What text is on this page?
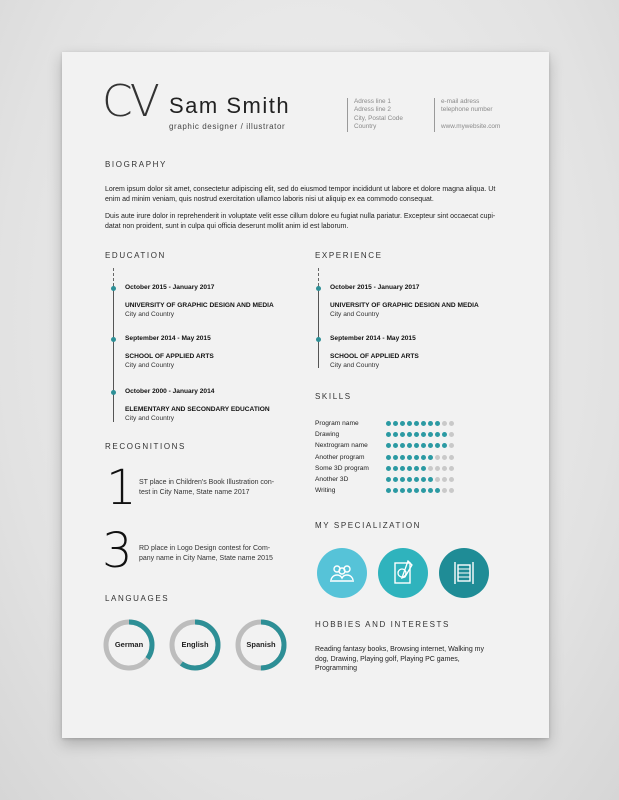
CV Sam Smith
graphic designer / illustrator
Adress line 1
Adress line 2
City, Postal Code
Country
e-mail adress
telephone number
www.mywebsite.com
BIOGRAPHY
Lorem ipsum dolor sit amet, consectetur adipiscing elit, sed do eiusmod tempor incididunt ut labore et dolore magna aliqua. Ut enim ad minim veniam, quis nostrud exercitation ullamco laboris nisi ut aliquip ex ea commodo consequat.
Duis aute irure dolor in reprehenderit in voluptate velit esse cillum dolore eu fugiat nulla pariatur. Excepteur sint occaecat cupi-datat non proident, sunt in culpa qui officia deserunt mollit anim id est laborum.
EDUCATION
October 2015 - January 2017
UNIVERSITY OF GRAPHIC DESIGN AND MEDIA
City and Country
September 2014 - May 2015
SCHOOL OF APPLIED ARTS
City and Country
October 2000 - January 2014
ELEMENTARY AND SECONDARY EDUCATION
City and Country
EXPERIENCE
October 2015 - January 2017
UNIVERSITY OF GRAPHIC DESIGN AND MEDIA
City and Country
September 2014 - May 2015
SCHOOL OF APPLIED ARTS
City and Country
RECOGNITIONS
1 ST place in Children's Book Illustration con-test in City Name, State name 2017
3 RD place in Logo Design contest for Com-pany name in City Name, State name 2015
SKILLS
Program name
Drawing
Nextrogram name
Another program
Some 3D program
Another 3D
Writing
MY SPECIALIZATION
LANGUAGES
German	English	Spanish
HOBBIES AND INTERESTS
Reading fantasy books, Browsing internet, Walking my dog, Drawing, Playing golf, Playing PC games, Programming
